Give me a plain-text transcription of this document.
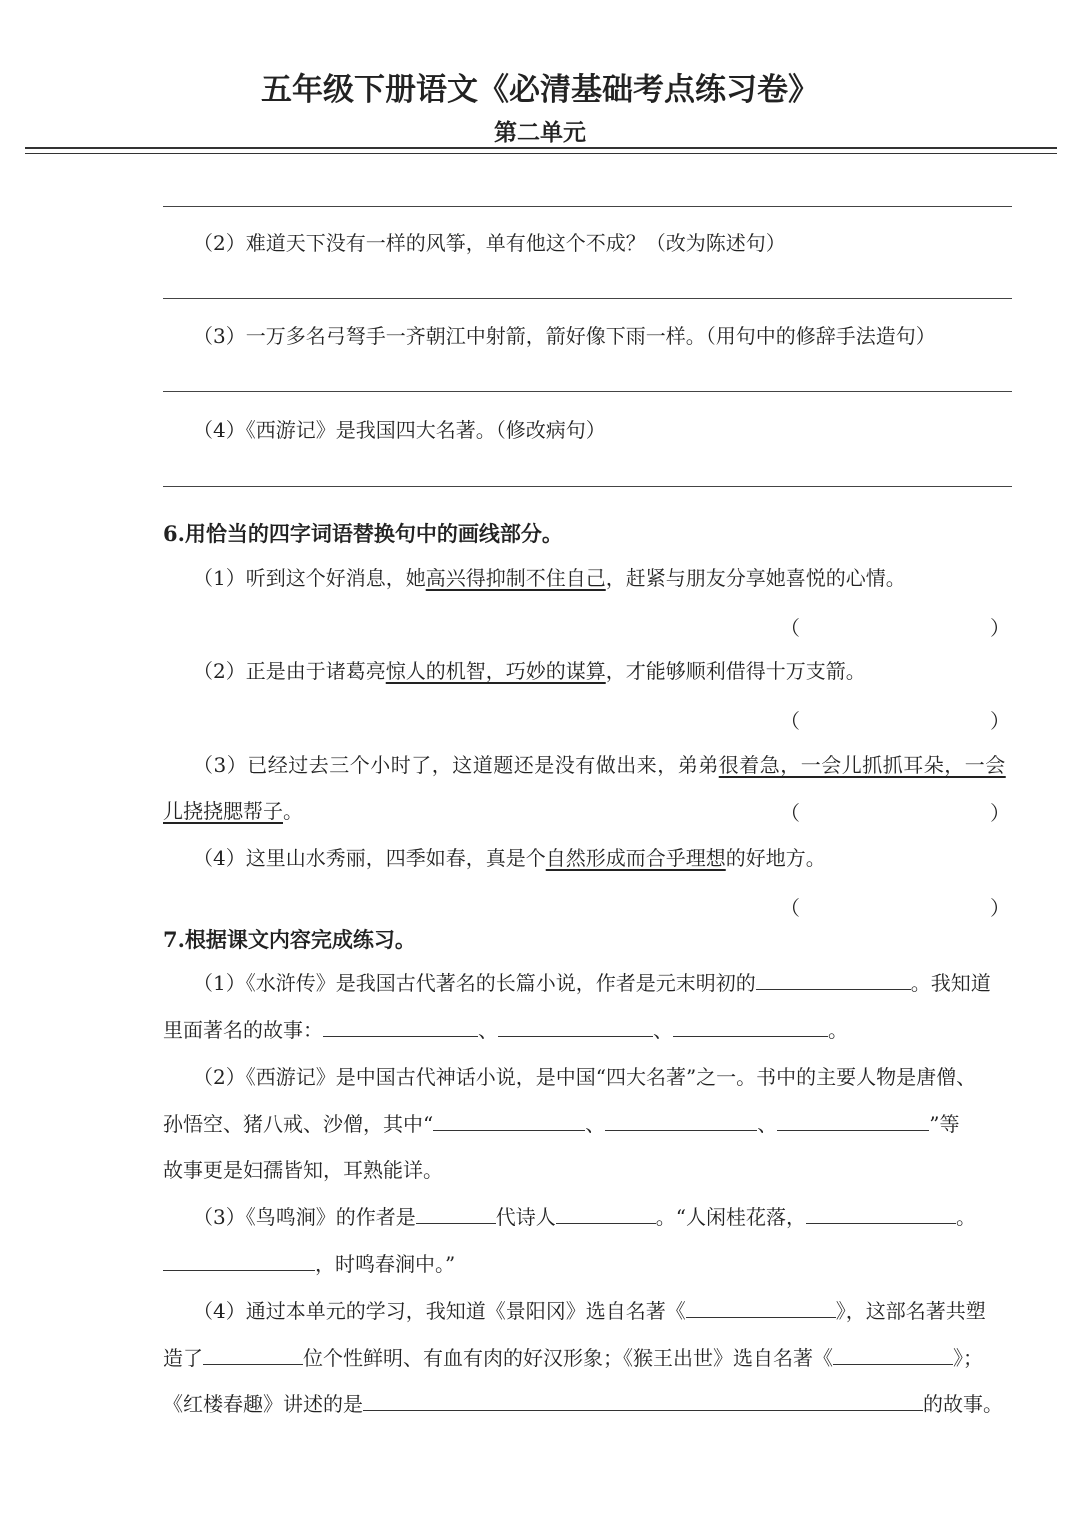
五年级下册语文《必清基础考点练习卷》
第二单元
（2）难道天下没有一样的风筝，单有他这个不成？（改为陈述句）
（3）一万多名弓弩手一齐朝江中射箭，箭好像下雨一样。（用句中的修辞手法造句）
（4）《西游记》是我国四大名著。（修改病句）
6.用恰当的四字词语替换句中的画线部分。
（1）听到这个好消息，她高兴得抑制不住自己，赶紧与朋友分享她喜悦的心情。
（	）
（2）正是由于诸葛亮惊人的机智，巧妙的谋算，才能够顺利借得十万支箭。
（	）
（3）已经过去三个小时了，这道题还是没有做出来，弟弟很着急，一会儿抓抓耳朵，一会
儿挠挠腮帮子。	（	）
（4）这里山水秀丽，四季如春，真是个自然形成而合乎理想的好地方。
（	）
7.根据课文内容完成练习。
（1）《水浒传》是我国古代著名的长篇小说，作者是元末明初的	。我知道
里面著名的故事：	、	、	。
（2）《西游记》是中国古代神话小说，是中国“四大名著”之一。书中的主要人物是唐僧、
孙悟空、猪八戒、沙僧，其中“	、	、	”等
故事更是妇孺皆知，耳熟能详。
（3）《鸟鸣涧》的作者是	代诗人	。“人闲桂花落，	。
，时鸣春涧中。”
（4）通过本单元的学习，我知道《景阳冈》选自名著《	》，这部名著共塑
造了	位个性鲜明、有血有肉的好汉形象；《猴王出世》选自名著《	》；
《红楼春趣》讲述的是	的故事。
